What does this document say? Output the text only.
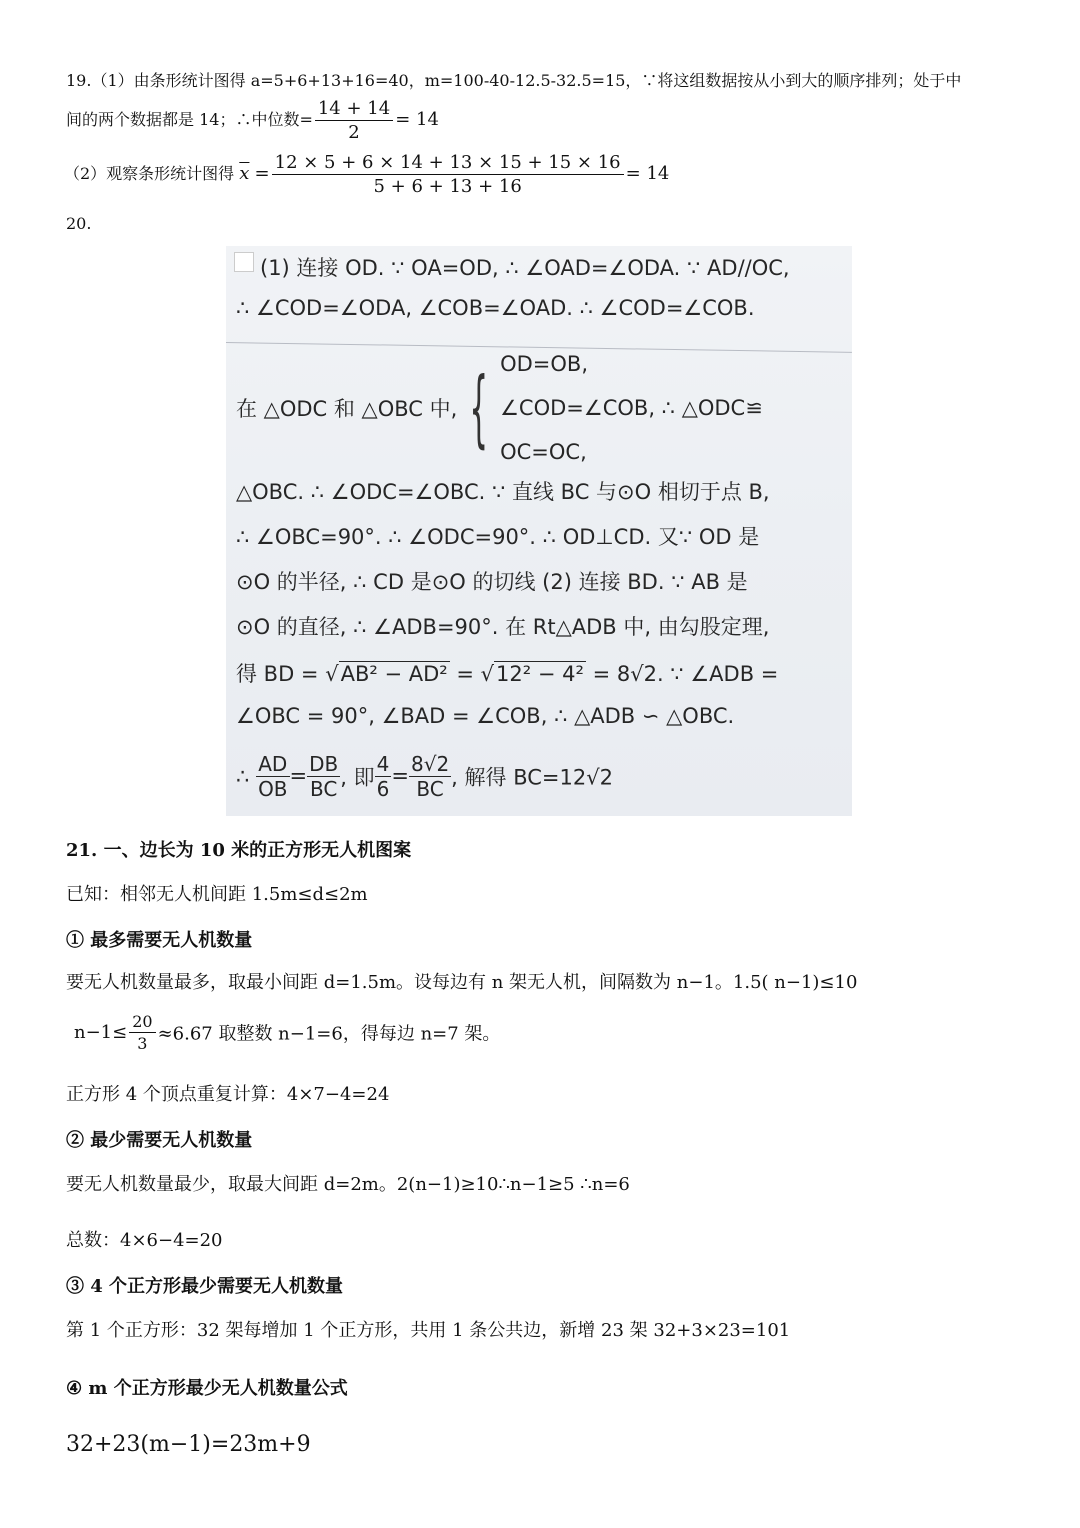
19.（1）由条形统计图得 a=5+6+13+16=40，m=100-40-12.5-32.5=15，∵将这组数据按从小到大的顺序排列；处于中
间的两个数据都是 14；∴中位数= $\frac{14 + 14}{2} = 14$
（2）观察条形统计图得 $\overline{x} = \frac{12 \times 5 + 6 \times 14 + 13 \times 15 + 15 \times 16}{5 + 6 + 13 + 16} = 14$
20.
(1) 连接 OD. ∵ OA=OD, ∴ ∠OAD=∠ODA. ∵ AD//OC,
∴ ∠COD=∠ODA, ∠COB=∠OAD. ∴ ∠COD=∠COB.
在 △ODC 和 △OBC 中, { OD=OB,
∠COD=∠COB, ∴ △ODC≌
OC=OC,
△OBC. ∴ ∠ODC=∠OBC. ∵ 直线 BC 与⊙O 相切于点 B,
∴ ∠OBC=90°. ∴ ∠ODC=90°. ∴ OD⊥CD. 又∵ OD 是
⊙O 的半径, ∴ CD 是⊙O 的切线 (2) 连接 BD. ∵ AB 是
⊙O 的直径, ∴ ∠ADB=90°. 在 Rt△ADB 中, 由勾股定理,
得 BD = √AB² − AD² = √12² − 4² = 8√2. ∵ ∠ADB =
∠OBC = 90°, ∠BAD = ∠COB, ∴ △ADB ∽ △OBC.
∴ $\frac{AD}{OB} = \frac{DB}{BC}$ , 即 $\frac{4}{6} = \frac{8√2}{BC}$ , 解得 BC=12√2
21. 一、边长为 10 米的正方形无人机图案
已知：相邻无人机间距 1.5m≤d≤2m
① 最多需要无人机数量
要无人机数量最多，取最小间距 d=1.5m。设每边有 n 架无人机，间隔数为 n−1。1.5( n−1)≤10
$n-1\le \frac{20}{3} \approx 6.67$ 取整数 n−1=6，得每边 n=7 架。
正方形 4 个顶点重复计算：4×7−4=24
② 最少需要无人机数量
要无人机数量最少，取最大间距 d=2m。2(n−1)≥10∴n−1≥5 ∴n=6
总数：4×6−4=20
③ 4 个正方形最少需要无人机数量
第 1 个正方形：32 架每增加 1 个正方形，共用 1 条公共边，新增 23 架 32+3×23=101
④ m 个正方形最少无人机数量公式
32+23(m−1)=23m+9
